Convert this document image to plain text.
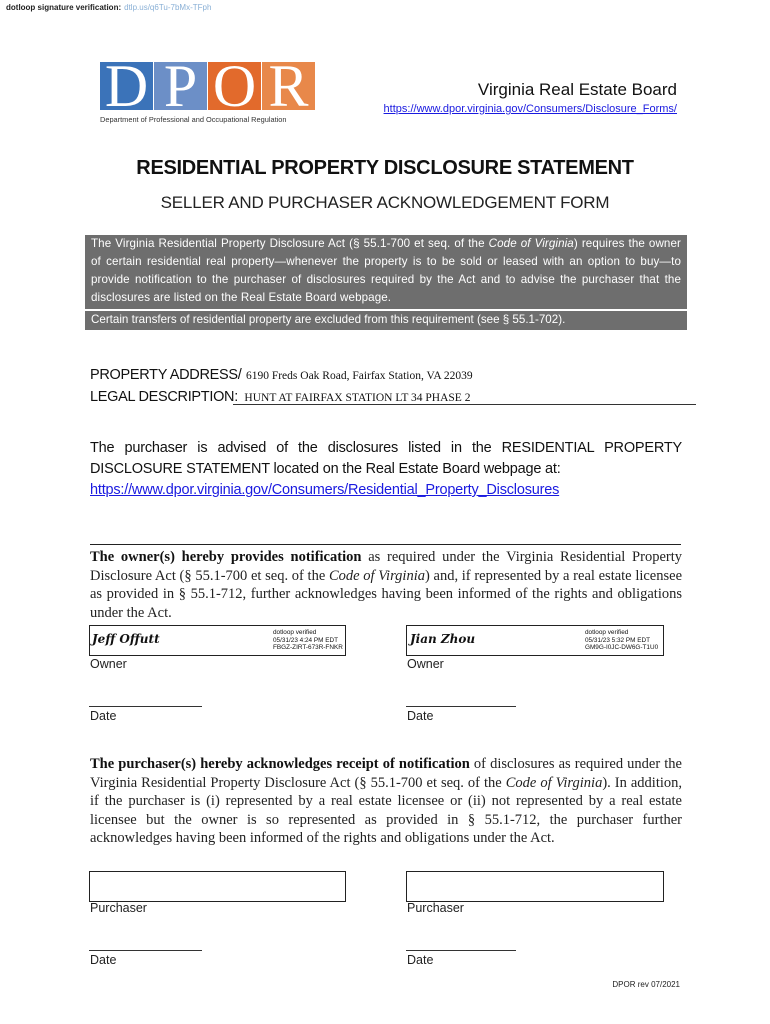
dotloop signature verification: dtlp.us/q6Tu-7bMx-TFph
D P O R
Department of Professional and Occupational Regulation
Virginia Real Estate Board
https://www.dpor.virginia.gov/Consumers/Disclosure_Forms/
RESIDENTIAL PROPERTY DISCLOSURE STATEMENT
SELLER AND PURCHASER ACKNOWLEDGEMENT FORM
The Virginia Residential Property Disclosure Act (§ 55.1-700 et seq. of the Code of Virginia) requires the owner of certain residential real property—whenever the property is to be sold or leased with an option to buy—to provide notification to the purchaser of disclosures required by the Act and to advise the purchaser that the disclosures are listed on the Real Estate Board webpage.
Certain transfers of residential property are excluded from this requirement (see § 55.1-702).
PROPERTY ADDRESS/ 6190 Freds Oak Road, Fairfax Station, VA 22039
LEGAL DESCRIPTION: HUNT AT FAIRFAX STATION LT 34 PHASE 2
The purchaser is advised of the disclosures listed in the RESIDENTIAL PROPERTY DISCLOSURE STATEMENT located on the Real Estate Board webpage at:
https://www.dpor.virginia.gov/Consumers/Residential_Property_Disclosures
The owner(s) hereby provides notification as required under the Virginia Residential Property Disclosure Act (§ 55.1-700 et seq. of the Code of Virginia) and, if represented by a real estate licensee as provided in § 55.1-712, further acknowledges having been informed of the rights and obligations under the Act.
Jeff Offutt	dotloop verified
05/31/23 4:24 PM EDT
FBGZ-ZIRT-673R-FNKR
Owner
Jian Zhou	dotloop verified
05/31/23 5:32 PM EDT
GM9G-I0JC-DW6G-T1U0
Owner
Date	Date
The purchaser(s) hereby acknowledges receipt of notification of disclosures as required under the Virginia Residential Property Disclosure Act (§ 55.1-700 et seq. of the Code of Virginia). In addition, if the purchaser is (i) represented by a real estate licensee or (ii) not represented by a real estate licensee but the owner is so represented as provided in § 55.1-712, the purchaser further acknowledges having been informed of the rights and obligations under the Act.
Purchaser	Purchaser
Date	Date
DPOR rev 07/2021
